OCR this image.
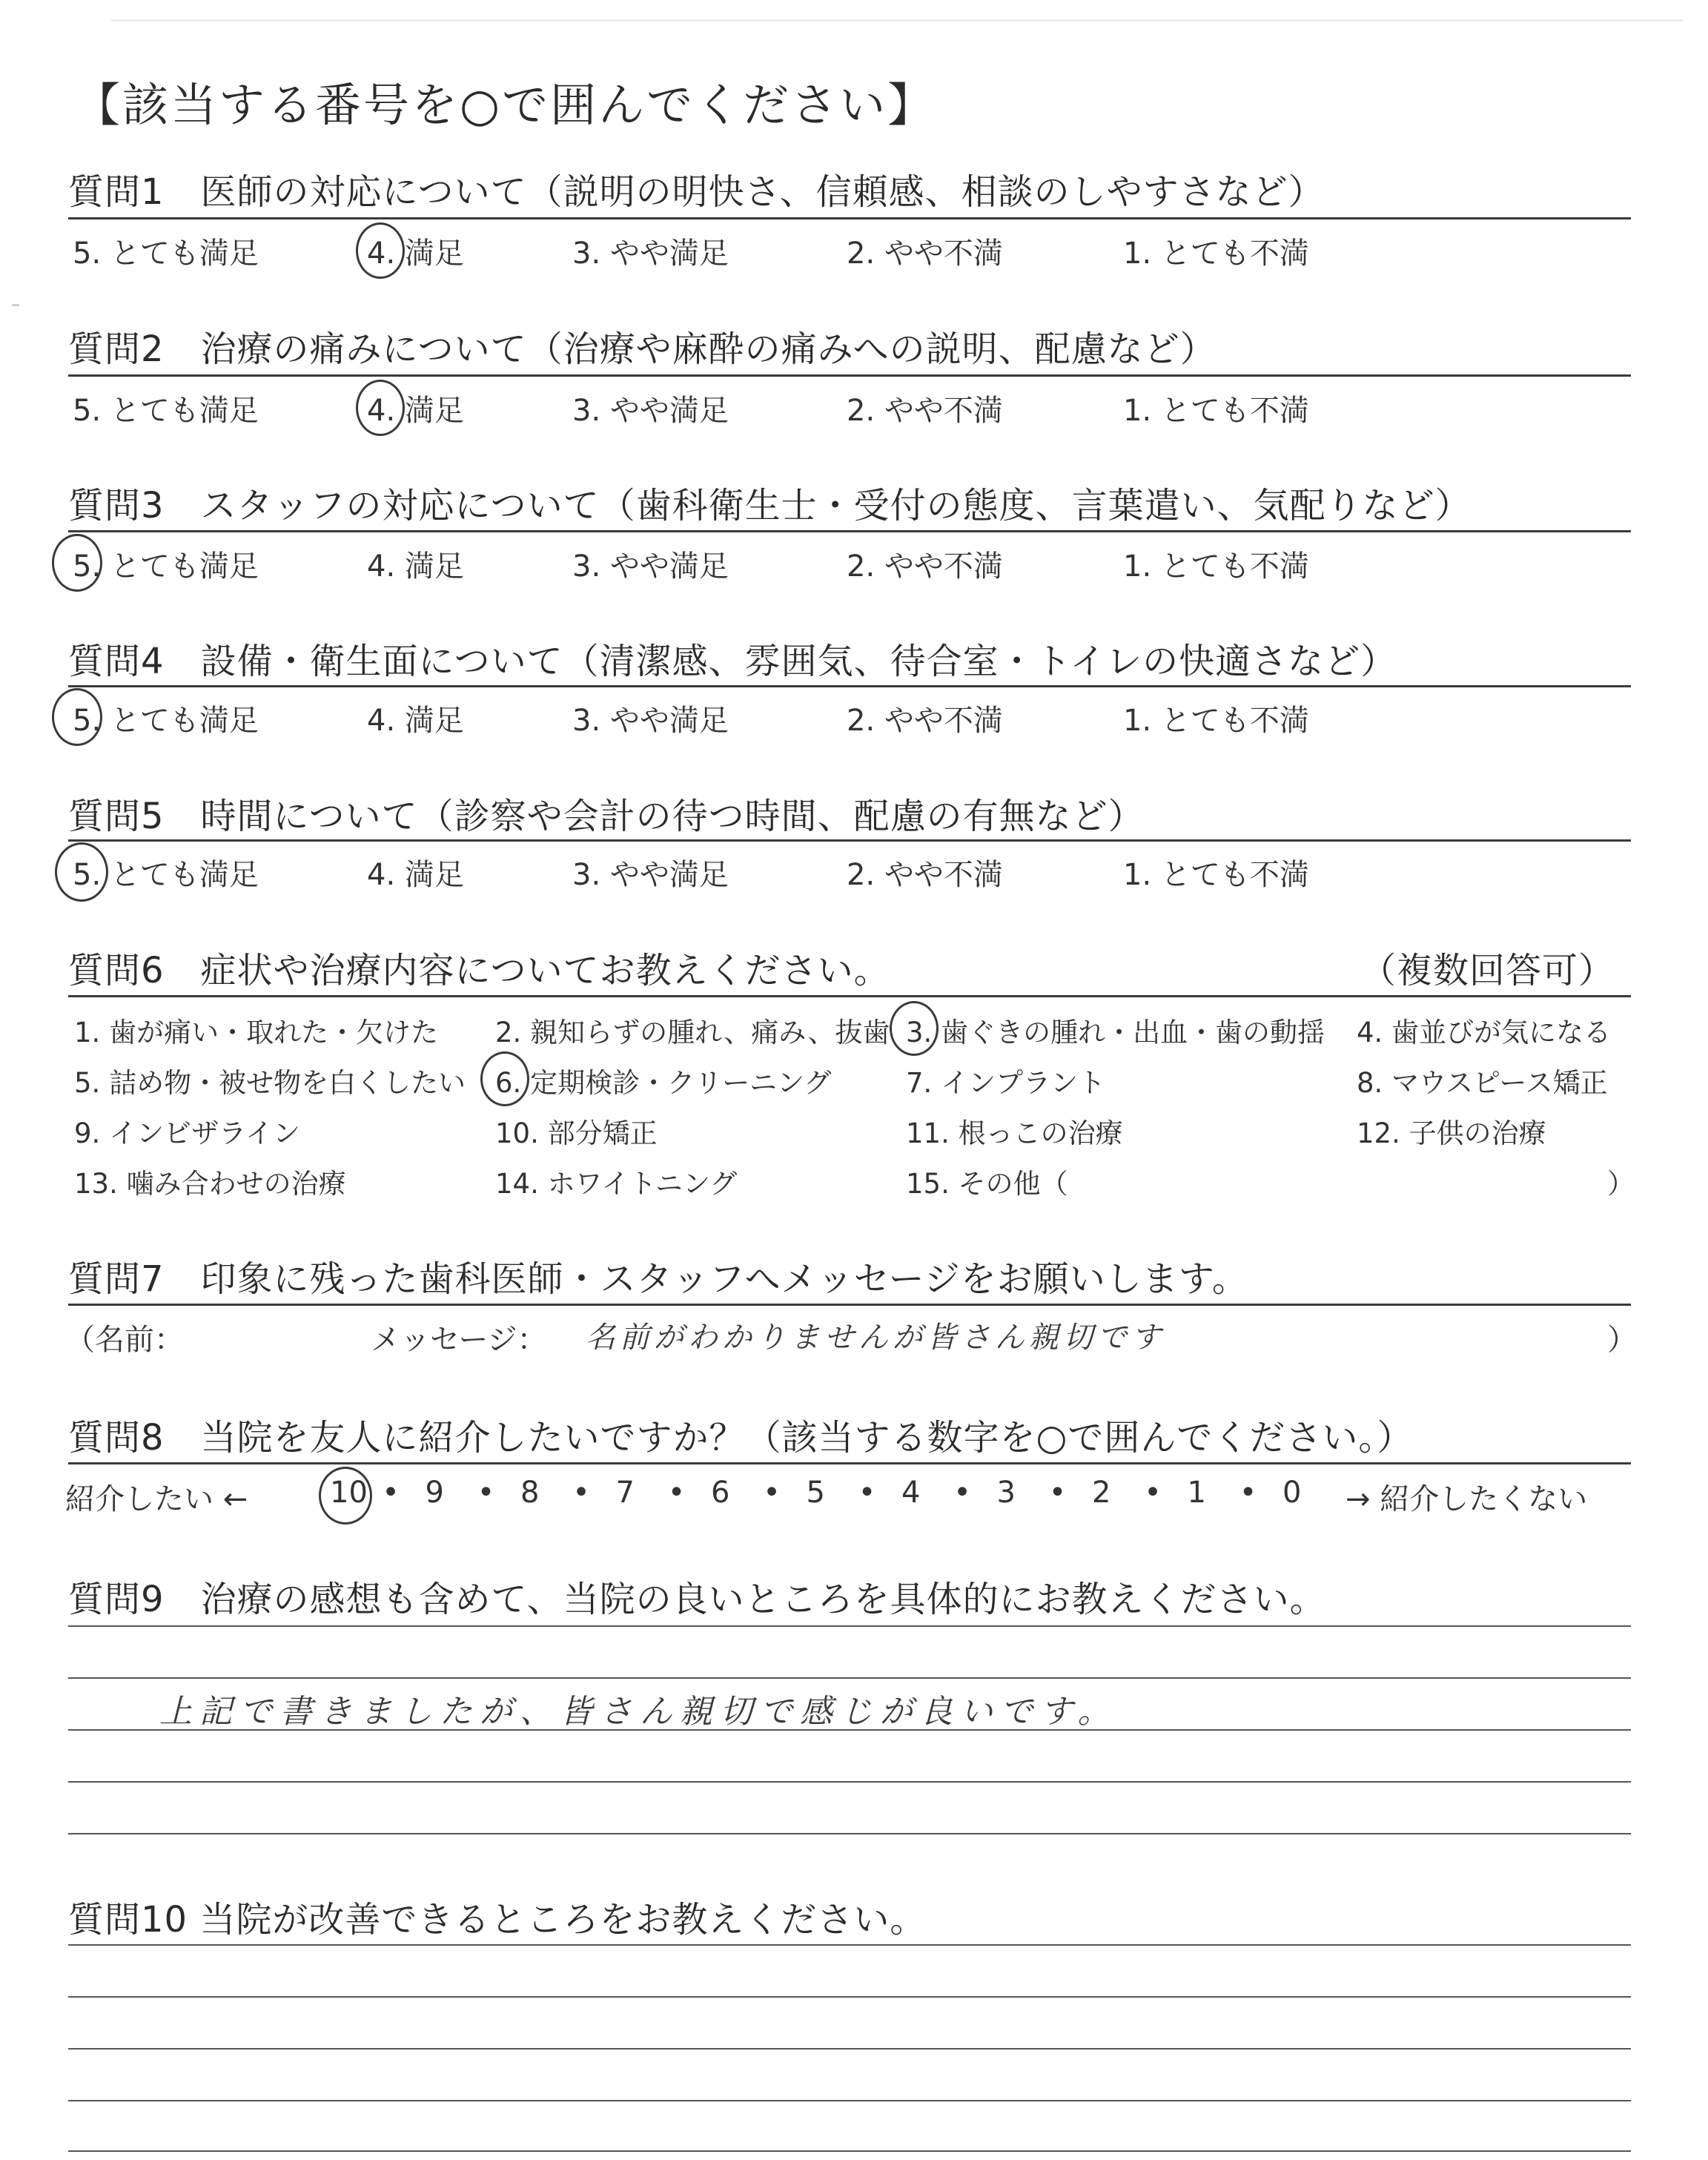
【該当する番号を○で囲んでください】
質問1　医師の対応について（説明の明快さ、信頼感、相談のしやすさなど）
5. とても満足	4. 満足	3. やや満足	2. やや不満	1. とても不満
質問2　治療の痛みについて（治療や麻酔の痛みへの説明、配慮など）
5. とても満足	4. 満足	3. やや満足	2. やや不満	1. とても不満
質問3　スタッフの対応について（歯科衛生士・受付の態度、言葉遣い、気配りなど）
5. とても満足	4. 満足	3. やや満足	2. やや不満	1. とても不満
質問4　設備・衛生面について（清潔感、雰囲気、待合室・トイレの快適さなど）
5. とても満足	4. 満足	3. やや満足	2. やや不満	1. とても不満
質問5　時間について（診察や会計の待つ時間、配慮の有無など）
5. とても満足	4. 満足	3. やや満足	2. やや不満	1. とても不満
質問6　症状や治療内容についてお教えください。	（複数回答可）
1. 歯が痛い・取れた・欠けた 2. 親知らずの腫れ、痛み、抜歯 3. 歯ぐきの腫れ・出血・歯の動揺 4. 歯並びが気になる
5. 詰め物・被せ物を白くしたい 6. 定期検診・クリーニング	7. インプラント	8. マウスピース矯正
9. インビザライン	10. 部分矯正	11. 根っこの治療	12. 子供の治療
13. 噛み合わせの治療	14. ホワイトニング	15. その他（	）
質問7　印象に残った歯科医師・スタッフへメッセージをお願いします。
（名前：	メッセージ： 名前がわかりませんが皆さん親切です	）
質問8　当院を友人に紹介したいですか？（該当する数字を○で囲んでください。）
紹介したい ←	10 • 9 • 8 • 7 • 6 • 5 • 4 • 3 • 2 • 1 • 0 → 紹介したくない
質問9　治療の感想も含めて、当院の良いところを具体的にお教えください。
上記で書きましたが、皆さん親切で感じが良いです。
質問10 当院が改善できるところをお教えください。
